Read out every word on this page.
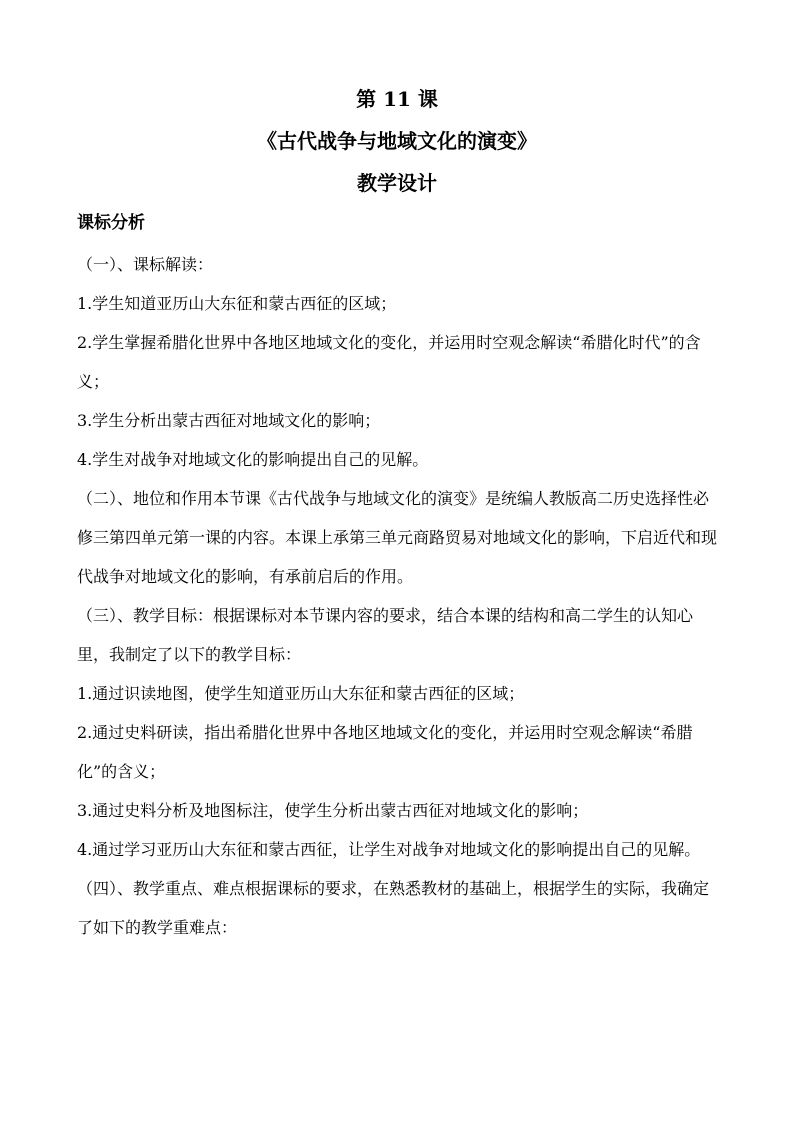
第 11 课
《古代战争与地域文化的演变》
教学设计
课标分析

（一）、课标解读：

1.学生知道亚历山大东征和蒙古西征的区域；

2.学生掌握希腊化世界中各地区地域文化的变化，并运用时空观念解读“希腊化时代”的含义；

3.学生分析出蒙古西征对地域文化的影响；

4.学生对战争对地域文化的影响提出自己的见解。

（二）、地位和作用本节课《古代战争与地域文化的演变》是统编人教版高二历史选择性必修三第四单元第一课的内容。本课上承第三单元商路贸易对地域文化的影响，下启近代和现代战争对地域文化的影响，有承前启后的作用。

（三）、教学目标：根据课标对本节课内容的要求，结合本课的结构和高二学生的认知心里，我制定了以下的教学目标：

1.通过识读地图，使学生知道亚历山大东征和蒙古西征的区域；

2.通过史料研读，指出希腊化世界中各地区地域文化的变化，并运用时空观念解读“希腊化”的含义；

3.通过史料分析及地图标注，使学生分析出蒙古西征对地域文化的影响；

4.通过学习亚历山大东征和蒙古西征，让学生对战争对地域文化的影响提出自己的见解。

（四）、教学重点、难点根据课标的要求，在熟悉教材的基础上，根据学生的实际，我确定了如下的教学重难点：
